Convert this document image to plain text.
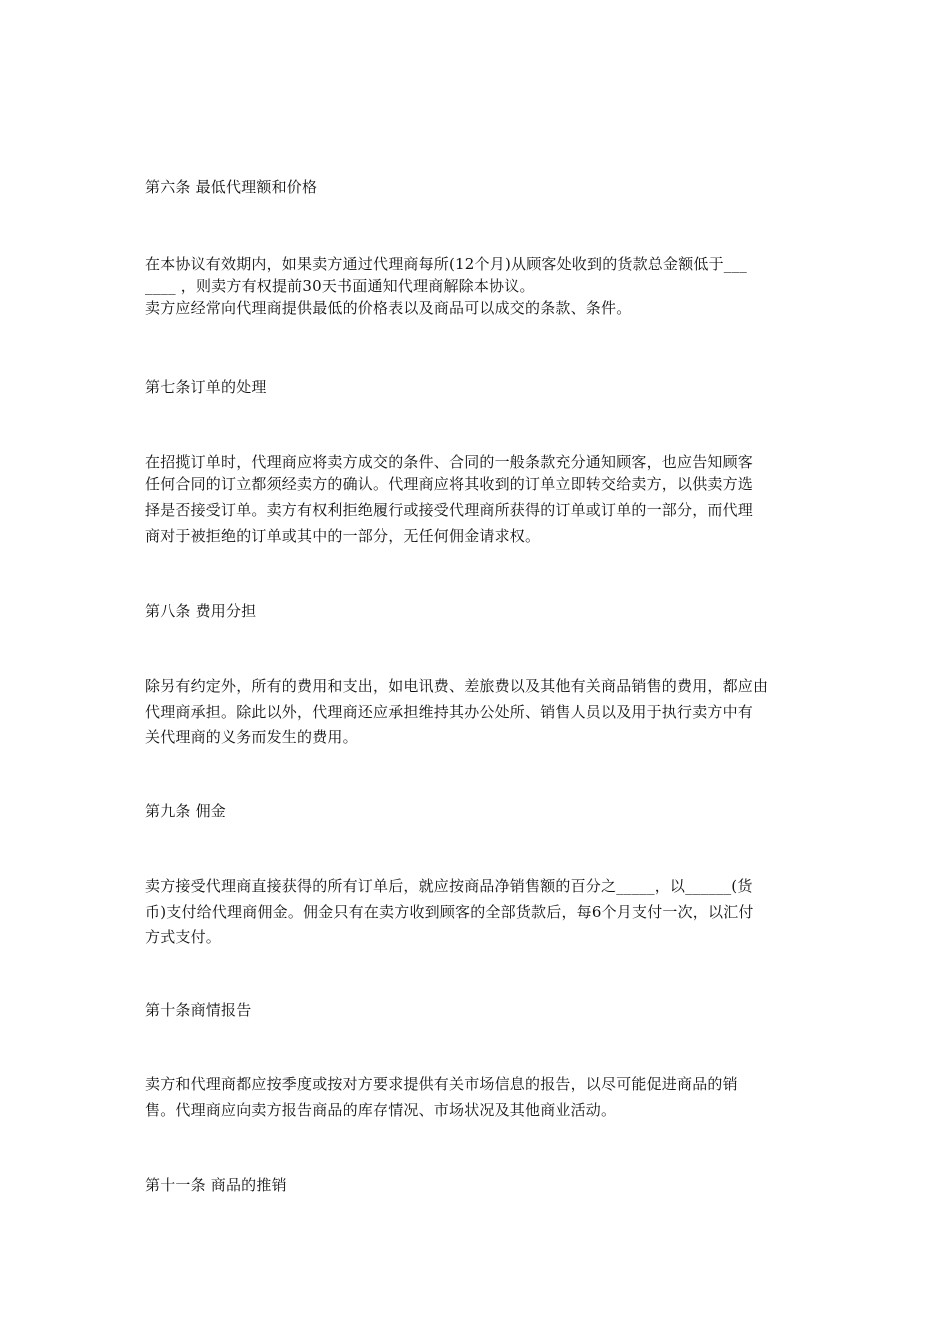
第六条 最低代理额和价格
在本协议有效期内，如果卖方通过代理商每所(12个月)从顾客处收到的货款总金额低于___
____ ，则卖方有权提前30天书面通知代理商解除本协议。
卖方应经常向代理商提供最低的价格表以及商品可以成交的条款、条件。
第七条订单的处理
在招揽订单时，代理商应将卖方成交的条件、合同的一般条款充分通知顾客，也应告知顾客
任何合同的订立都须经卖方的确认。代理商应将其收到的订单立即转交给卖方，以供卖方选
择是否接受订单。卖方有权利拒绝履行或接受代理商所获得的订单或订单的一部分，而代理
商对于被拒绝的订单或其中的一部分，无任何佣金请求权。
第八条 费用分担
除另有约定外，所有的费用和支出，如电讯费、差旅费以及其他有关商品销售的费用，都应由
代理商承担。除此以外，代理商还应承担维持其办公处所、销售人员以及用于执行卖方中有
关代理商的义务而发生的费用。
第九条 佣金
卖方接受代理商直接获得的所有订单后，就应按商品净销售额的百分之_____，以______(货
币)支付给代理商佣金。佣金只有在卖方收到顾客的全部货款后，每6个月支付一次，以汇付
方式支付。
第十条商情报告
卖方和代理商都应按季度或按对方要求提供有关市场信息的报告，以尽可能促进商品的销
售。代理商应向卖方报告商品的库存情况、市场状况及其他商业活动。
第十一条 商品的推销
